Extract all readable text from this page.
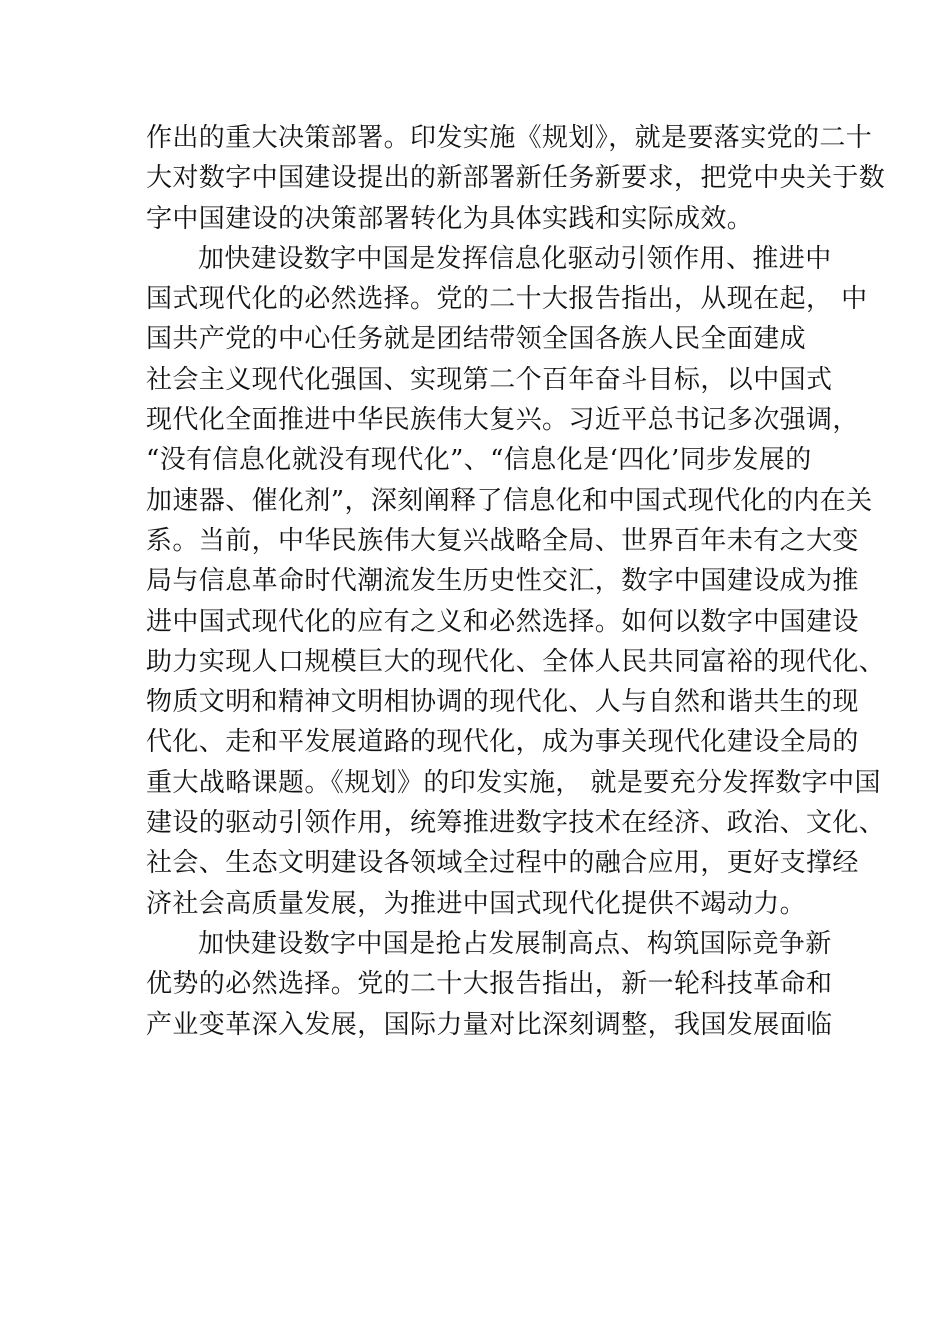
作出的重大决策部署。印发实施《规划》，就是要落实党的二十
大对数字中国建设提出的新部署新任务新要求，把党中央关于数
字中国建设的决策部署转化为具体实践和实际成效。
加快建设数字中国是发挥信息化驱动引领作用、推进中
国式现代化的必然选择。党的二十大报告指出，从现在起， 中
国共产党的中心任务就是团结带领全国各族人民全面建成
社会主义现代化强国、实现第二个百年奋斗目标，以中国式
现代化全面推进中华民族伟大复兴。习近平总书记多次强调，
“没有信息化就没有现代化”、“信息化是‘四化’同步发展的
加速器、催化剂”，深刻阐释了信息化和中国式现代化的内在关
系。当前，中华民族伟大复兴战略全局、世界百年未有之大变
局与信息革命时代潮流发生历史性交汇，数字中国建设成为推
进中国式现代化的应有之义和必然选择。如何以数字中国建设
助力实现人口规模巨大的现代化、全体人民共同富裕的现代化、
物质文明和精神文明相协调的现代化、人与自然和谐共生的现
代化、走和平发展道路的现代化，成为事关现代化建设全局的
重大战略课题。《规划》的印发实施， 就是要充分发挥数字中国
建设的驱动引领作用，统筹推进数字技术在经济、政治、文化、
社会、生态文明建设各领域全过程中的融合应用，更好支撑经
济社会高质量发展，为推进中国式现代化提供不竭动力。
加快建设数字中国是抢占发展制高点、构筑国际竞争新
优势的必然选择。党的二十大报告指出，新一轮科技革命和
产业变革深入发展，国际力量对比深刻调整，我国发展面临
